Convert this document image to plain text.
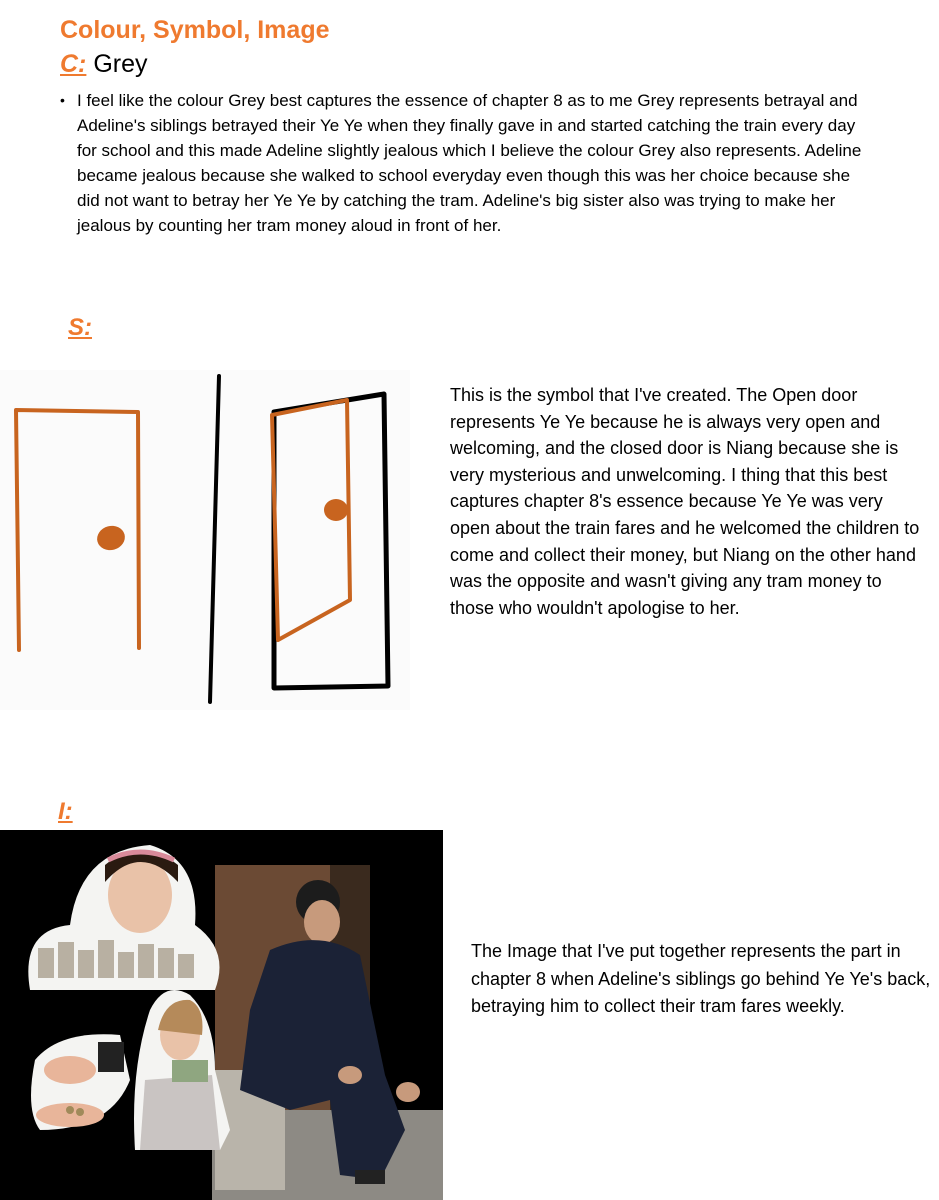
Colour, Symbol, Image
C: Grey
• I feel like the colour Grey best captures the essence of chapter 8 as to me Grey represents betrayal and Adeline's siblings betrayed their Ye Ye when they finally gave in and started catching the train every day for school and this made Adeline slightly jealous which I believe the colour Grey also represents. Adeline became jealous because she walked to school everyday even though this was her choice because she did not want to betray her Ye Ye by catching the tram. Adeline's big sister also was trying to make her jealous by counting her tram money aloud in front of her.
S:
This is the symbol that I've created. The Open door represents Ye Ye because he is always very open and welcoming, and the closed door is Niang because she is very mysterious and unwelcoming. I thing that this best captures chapter 8's essence because Ye Ye was very open about the train fares and he welcomed the children to come and collect their money, but Niang on the other hand was the opposite and wasn't giving any tram money to those who wouldn't apologise to her.
I:
The Image that I've put together represents the part in chapter 8 when Adeline's siblings go behind Ye Ye's back, betraying him to collect their tram fares weekly.
